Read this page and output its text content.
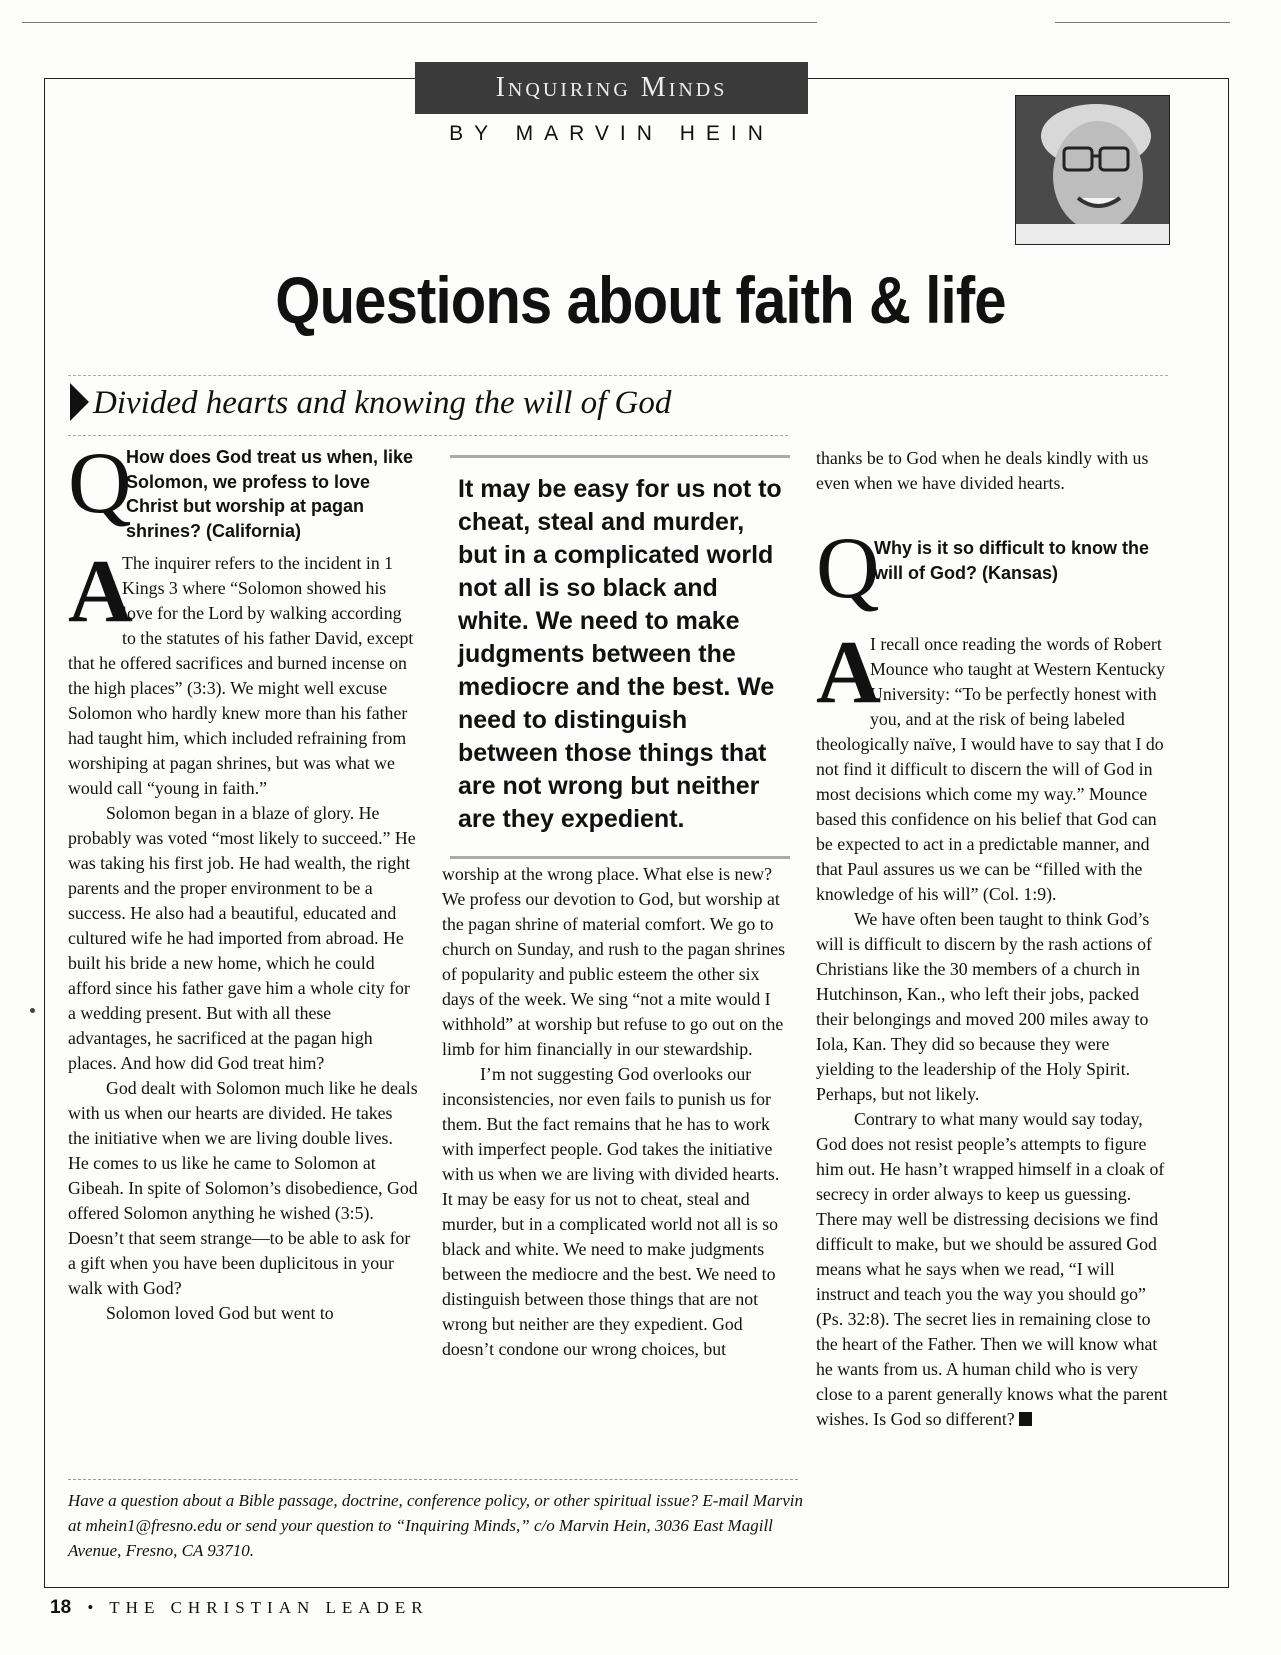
Inquiring Minds
BY MARVIN HEIN
Questions about faith & life
Divided hearts and knowing the will of God
Q
How does God treat us when, like Solomon, we profess to love Christ but worship at pagan shrines? (California)
A

The inquirer refers to the incident in 1 Kings 3 where “Solomon showed his love for the Lord by walking according to the statutes of his father David, except that he offered sacrifices and burned incense on the high places” (3:3). We might well excuse Solomon who hardly knew more than his father had taught him, which included refraining from worshiping at pagan shrines, but was what we would call “young in faith.”

Solomon began in a blaze of glory. He probably was voted “most likely to succeed.” He was taking his first job. He had wealth, the right parents and the proper environment to be a success. He also had a beautiful, educated and cultured wife he had imported from abroad. He built his bride a new home, which he could afford since his father gave him a whole city for a wedding present. But with all these advantages, he sacrificed at the pagan high places. And how did God treat him?

God dealt with Solomon much like he deals with us when our hearts are divided. He takes the initiative when we are living double lives. He comes to us like he came to Solomon at Gibeah. In spite of Solomon’s disobedience, God offered Solomon anything he wished (3:5). Doesn’t that seem strange—to be able to ask for a gift when you have been duplicitous in your walk with God?

Solomon loved God but went to

It may be easy for us not to cheat, steal and murder, but in a complicated world not all is so black and white. We need to make judgments between the mediocre and the best. We need to distinguish between those things that are not wrong but neither are they expedient.

worship at the wrong place. What else is new? We profess our devotion to God, but worship at the pagan shrine of material comfort. We go to church on Sunday, and rush to the pagan shrines of popularity and public esteem the other six days of the week. We sing “not a mite would I withhold” at worship but refuse to go out on the limb for him financially in our stewardship.

I’m not suggesting God overlooks our inconsistencies, nor even fails to punish us for them. But the fact remains that he has to work with imperfect people. God takes the initiative with us when we are living with divided hearts. It may be easy for us not to cheat, steal and murder, but in a complicated world not all is so black and white. We need to make judgments between the mediocre and the best. We need to distinguish between those things that are not wrong but neither are they expedient. God doesn’t condone our wrong choices, but

thanks be to God when he deals kindly with us even when we have divided hearts.

Q
Why is it so difficult to know the will of God? (Kansas)
A

I recall once reading the words of Robert Mounce who taught at Western Kentucky University: “To be perfectly honest with you, and at the risk of being labeled theologically naïve, I would have to say that I do not find it difficult to discern the will of God in most decisions which come my way.” Mounce based this confidence on his belief that God can be expected to act in a predictable manner, and that Paul assures us we can be “filled with the knowledge of his will” (Col. 1:9).

We have often been taught to think God’s will is difficult to discern by the rash actions of Christians like the 30 members of a church in Hutchinson, Kan., who left their jobs, packed their belongings and moved 200 miles away to Iola, Kan. They did so because they were yielding to the leadership of the Holy Spirit. Perhaps, but not likely.

Contrary to what many would say today, God does not resist people’s attempts to figure him out. He hasn’t wrapped himself in a cloak of secrecy in order always to keep us guessing. There may well be distressing decisions we find difficult to make, but we should be assured God means what he says when we read, “I will instruct and teach you the way you should go” (Ps. 32:8). The secret lies in remaining close to the heart of the Father. Then we will know what he wants from us. A human child who is very close to a parent generally knows what the parent wishes. Is God so different?

Have a question about a Bible passage, doctrine, conference policy, or other spiritual issue? E-mail Marvin at mhein1@fresno.edu or send your question to “Inquiring Minds,” c/o Marvin Hein, 3036 East Magill Avenue, Fresno, CA 93710.
18 • THE CHRISTIAN LEADER
